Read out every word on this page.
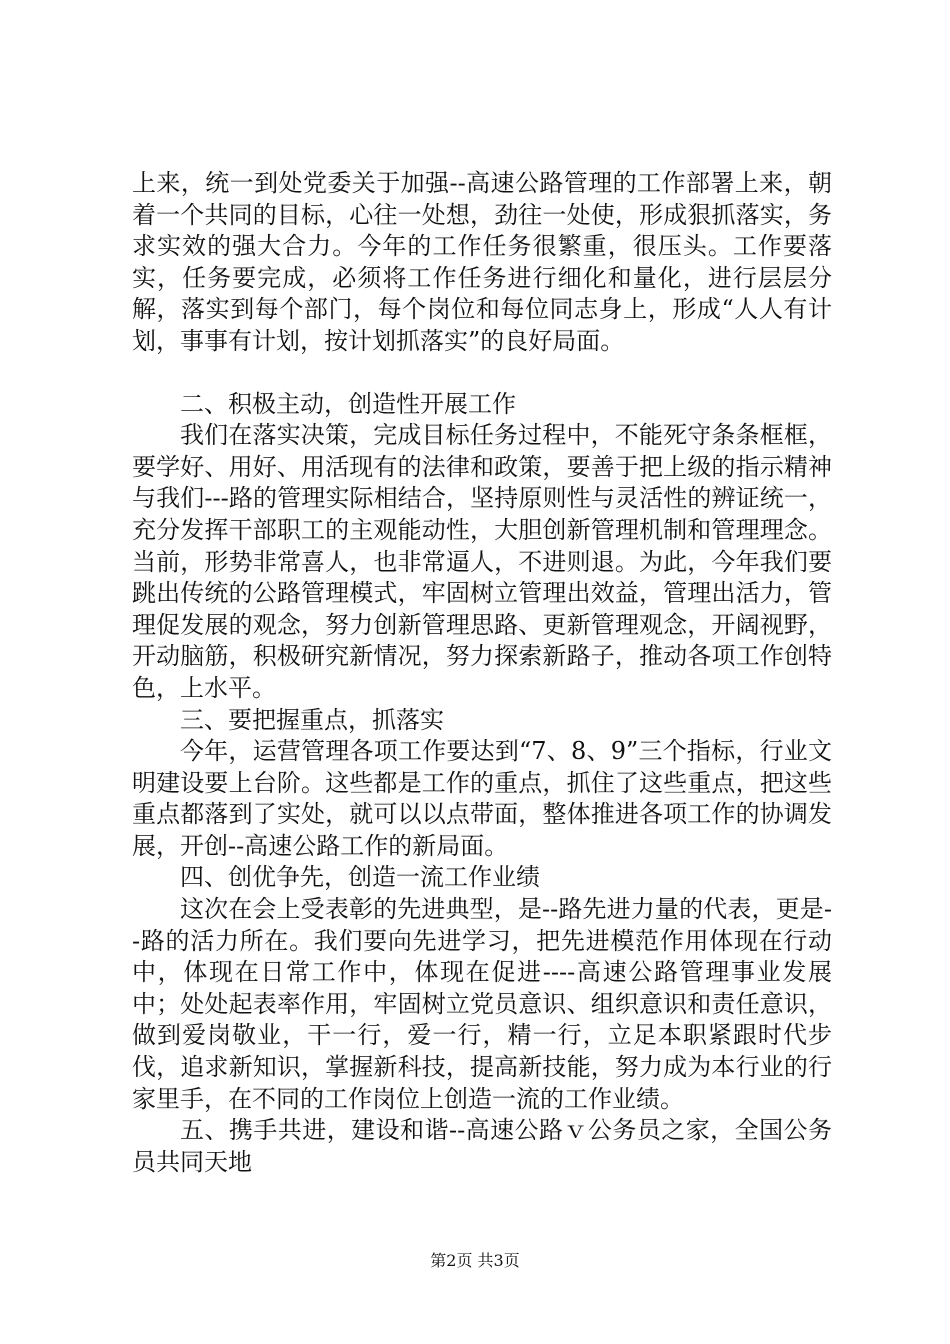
上来，统一到处党委关于加强--高速公路管理的工作部署上来，朝着一个共同的目标，心往一处想，劲往一处使，形成狠抓落实，务求实效的强大合力。今年的工作任务很繁重，很压头。工作要落实，任务要完成，必须将工作任务进行细化和量化，进行层层分解，落实到每个部门，每个岗位和每位同志身上，形成“人人有计划，事事有计划，按计划抓落实”的良好局面。

二、积极主动，创造性开展工作

我们在落实决策，完成目标任务过程中，不能死守条条框框，要学好、用好、用活现有的法律和政策，要善于把上级的指示精神与我们---路的管理实际相结合，坚持原则性与灵活性的辨证统一，充分发挥干部职工的主观能动性，大胆创新管理机制和管理理念。当前，形势非常喜人，也非常逼人，不进则退。为此，今年我们要跳出传统的公路管理模式，牢固树立管理出效益，管理出活力，管理促发展的观念，努力创新管理思路、更新管理观念，开阔视野，开动脑筋，积极研究新情况，努力探索新路子，推动各项工作创特色，上水平。

三、要把握重点，抓落实

今年，运营管理各项工作要达到“7、8、9”三个指标，行业文明建设要上台阶。这些都是工作的重点，抓住了这些重点，把这些重点都落到了实处，就可以以点带面，整体推进各项工作的协调发展，开创--高速公路工作的新局面。

四、创优争先，创造一流工作业绩

这次在会上受表彰的先进典型，是--路先进力量的代表，更是--路的活力所在。我们要向先进学习，把先进模范作用体现在行动中，体现在日常工作中，体现在促进----高速公路管理事业发展中；处处起表率作用，牢固树立党员意识、组织意识和责任意识，做到爱岗敬业，干一行，爱一行，精一行，立足本职紧跟时代步伐，追求新知识，掌握新科技，提高新技能，努力成为本行业的行家里手，在不同的工作岗位上创造一流的工作业绩。

五、携手共进，建设和谐--高速公路ｖ公务员之家，全国公务员共同天地

第2页 共3页
